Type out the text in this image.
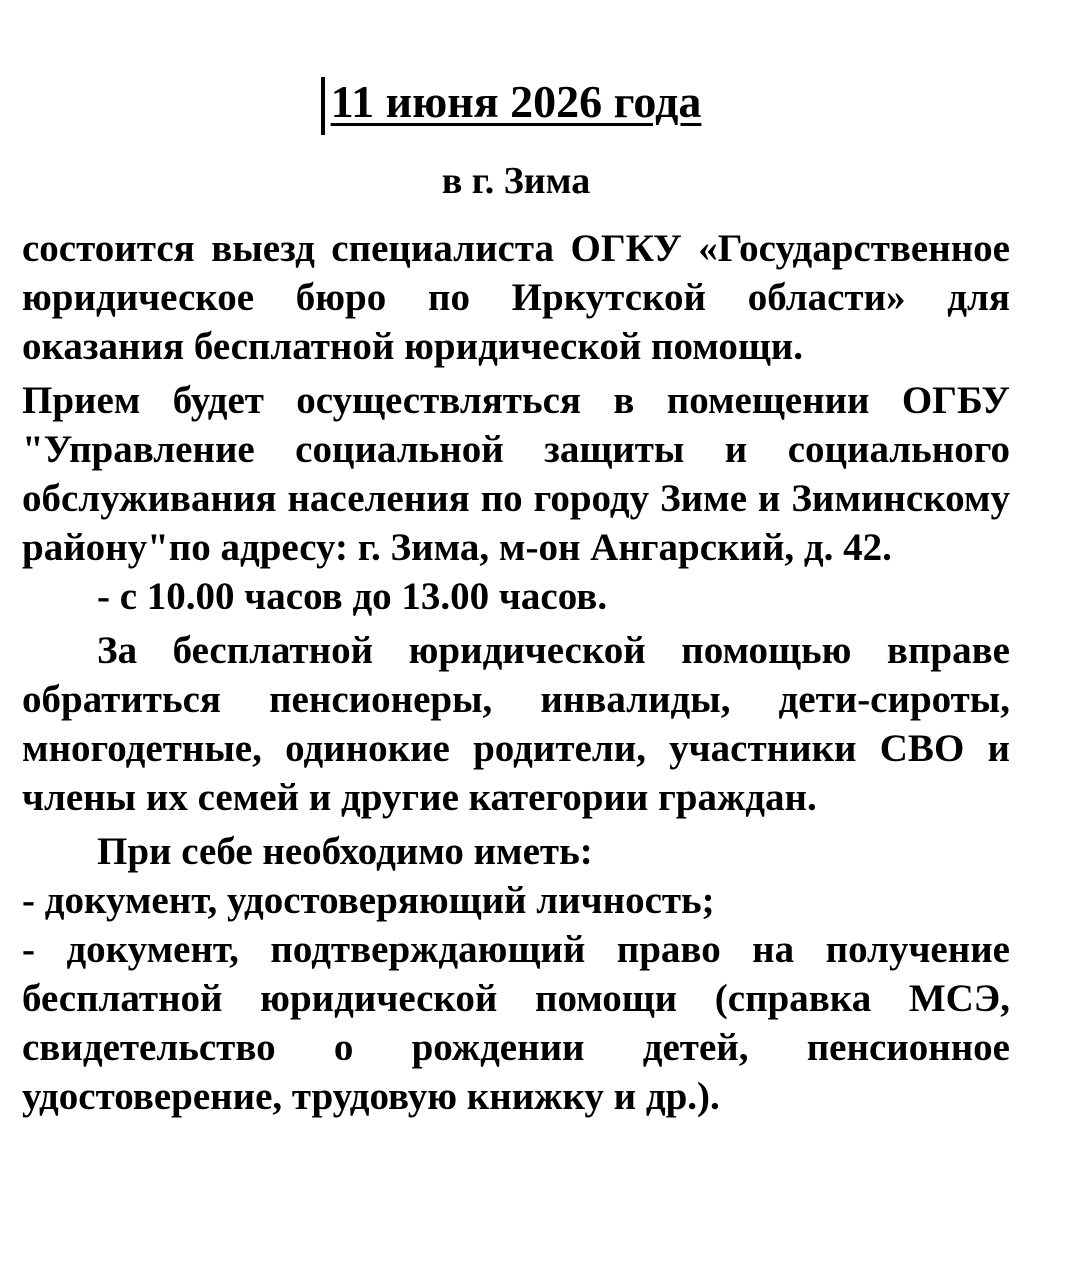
11 июня 2026 года

в г. Зима

состоится выезд специалиста ОГКУ «Государственное юридическое бюро по Иркутской области» для оказания бесплатной юридической помощи.

Прием будет осуществляться в помещении ОГБУ "Управление социальной защиты и социального обслуживания населения по городу Зиме и Зиминскому району"по адресу: г. Зима, м-он Ангарский, д. 42.

- с 10.00 часов до 13.00 часов.

За бесплатной юридической помощью вправе обратиться пенсионеры, инвалиды, дети-сироты, многодетные, одинокие родители, участники СВО и члены их семей и другие категории граждан.

При себе необходимо иметь:

- документ, удостоверяющий личность;

- документ, подтверждающий право на получение бесплатной юридической помощи (справка МСЭ, свидетельство о рождении детей, пенсионное удостоверение, трудовую книжку и др.).
